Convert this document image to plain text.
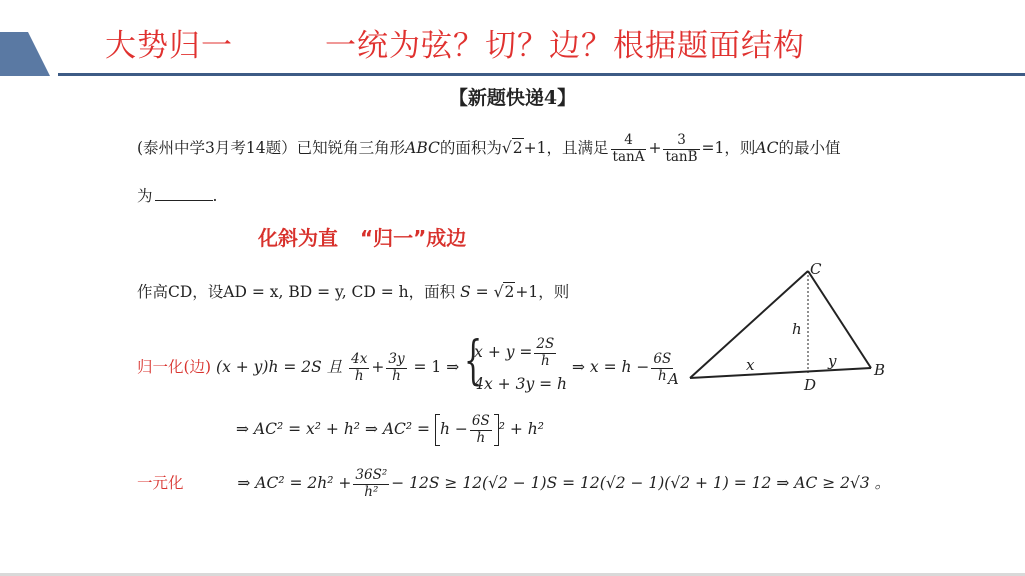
大势归一	一统为弦？切？边？根据题面结构
【新题快递4】
(泰州中学3月考14题）已知锐角三角形ABC的面积为√2+1，且满足 $\frac{4}{\tan A} + \frac{3}{\tan B} =1$，则AC的最小值
为	.
化斜为直 “归一”成边
作高CD，设AD = x, BD = y, CD = h，面积 S = √2+1，则
归一化(边) (x + y)h = 2S 且 $\frac{4x}{h} + \frac{3y}{h} = 1$ ⇒ {
$x + y = \frac{2S}{h}$
4x + 3y = h
⇒ $x = h - \frac{6S}{h}$
⇒ AC² = x² + h² ⇒ $AC^2 = h - \frac{6S}{h} ^2 + h^2$
一元化	⇒ $AC^2 = 2h^2 + \frac{\text{36S²}}{\text{h²}} - 12S \ge 12(√2 - 1)S = 12(√2 - 1)(√2 + 1) = 12$ ⇒ AC ≥ 2√3 。
A	B
C
D
h
x	y
